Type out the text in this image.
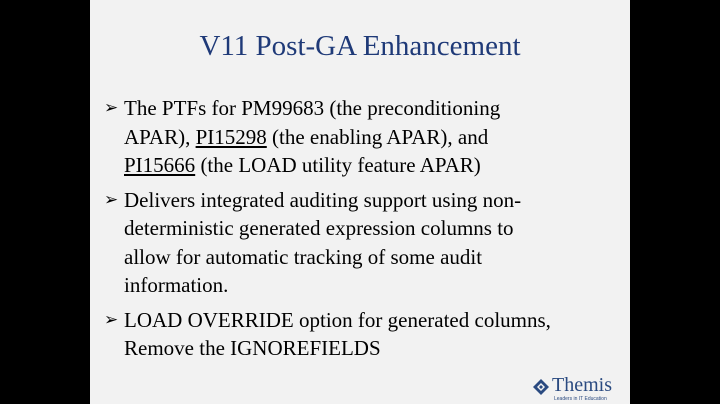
V11 Post-GA Enhancement
➢ The PTFs for PM99683 (the preconditioning
APAR), PI15298 (the enabling APAR), and
PI15666 (the LOAD utility feature APAR)
➢ Delivers integrated auditing support using non-
deterministic generated expression columns to
allow for automatic tracking of some audit
information.
➢ LOAD OVERRIDE option for generated columns,
Remove the IGNOREFIELDS
Themis
Leaders in IT Education
